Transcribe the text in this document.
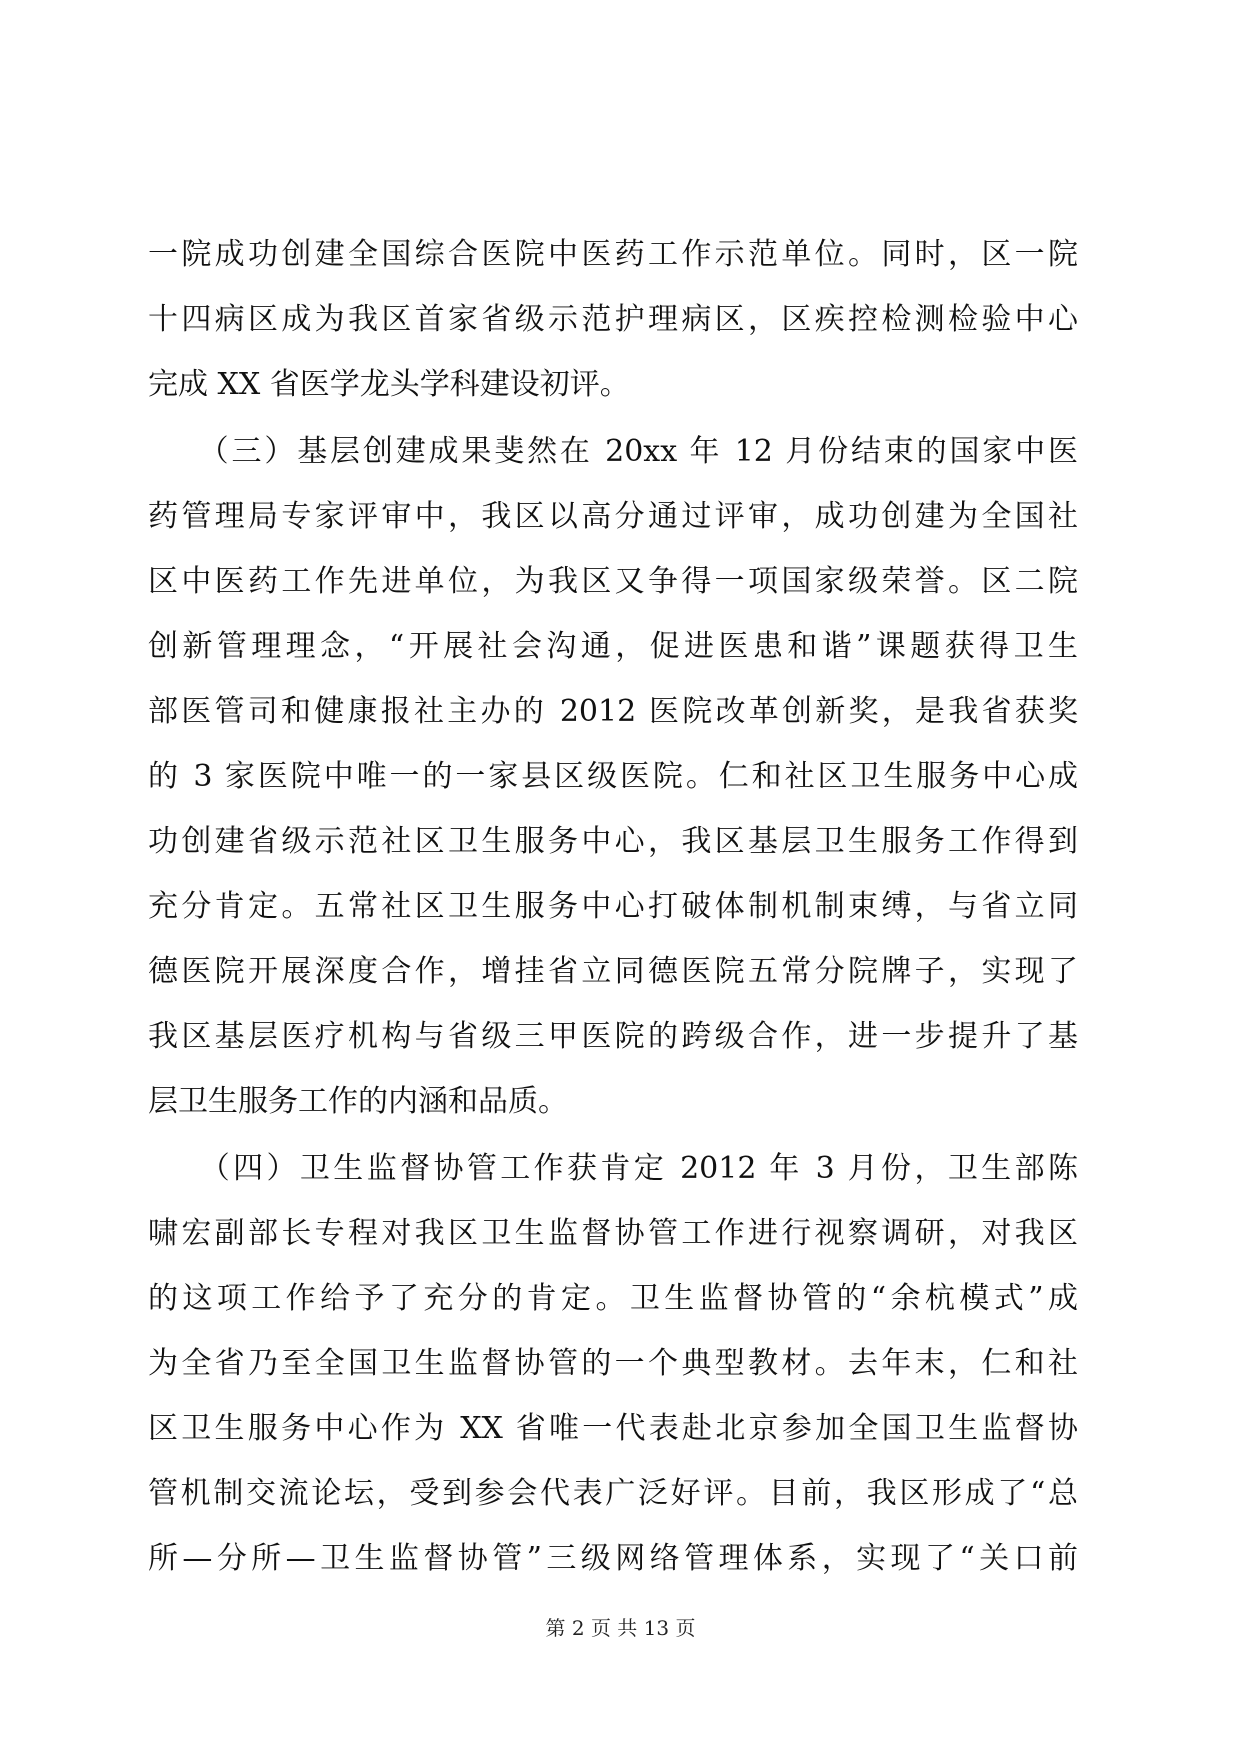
一院成功创建全国综合医院中医药工作示范单位。同时，区一院
十四病区成为我区首家省级示范护理病区，区疾控检测检验中心
完成 XX 省医学龙头学科建设初评。
　　（三）基层创建成果斐然在 20xx 年 12 月份结束的国家中医
药管理局专家评审中，我区以高分通过评审，成功创建为全国社
区中医药工作先进单位，为我区又争得一项国家级荣誉。区二院
创新管理理念，“开展社会沟通，促进医患和谐”课题获得卫生
部医管司和健康报社主办的 2012 医院改革创新奖，是我省获奖
的 3 家医院中唯一的一家县区级医院。仁和社区卫生服务中心成
功创建省级示范社区卫生服务中心，我区基层卫生服务工作得到
充分肯定。五常社区卫生服务中心打破体制机制束缚，与省立同
德医院开展深度合作，增挂省立同德医院五常分院牌子，实现了
我区基层医疗机构与省级三甲医院的跨级合作，进一步提升了基
层卫生服务工作的内涵和品质。
　　（四）卫生监督协管工作获肯定 2012 年 3 月份，卫生部陈
啸宏副部长专程对我区卫生监督协管工作进行视察调研，对我区
的这项工作给予了充分的肯定。卫生监督协管的“余杭模式”成
为全省乃至全国卫生监督协管的一个典型教材。去年末，仁和社
区卫生服务中心作为 XX 省唯一代表赴北京参加全国卫生监督协
管机制交流论坛，受到参会代表广泛好评。目前，我区形成了“总
所—分所—卫生监督协管”三级网络管理体系，实现了“关口前
第 2 页 共 13 页
